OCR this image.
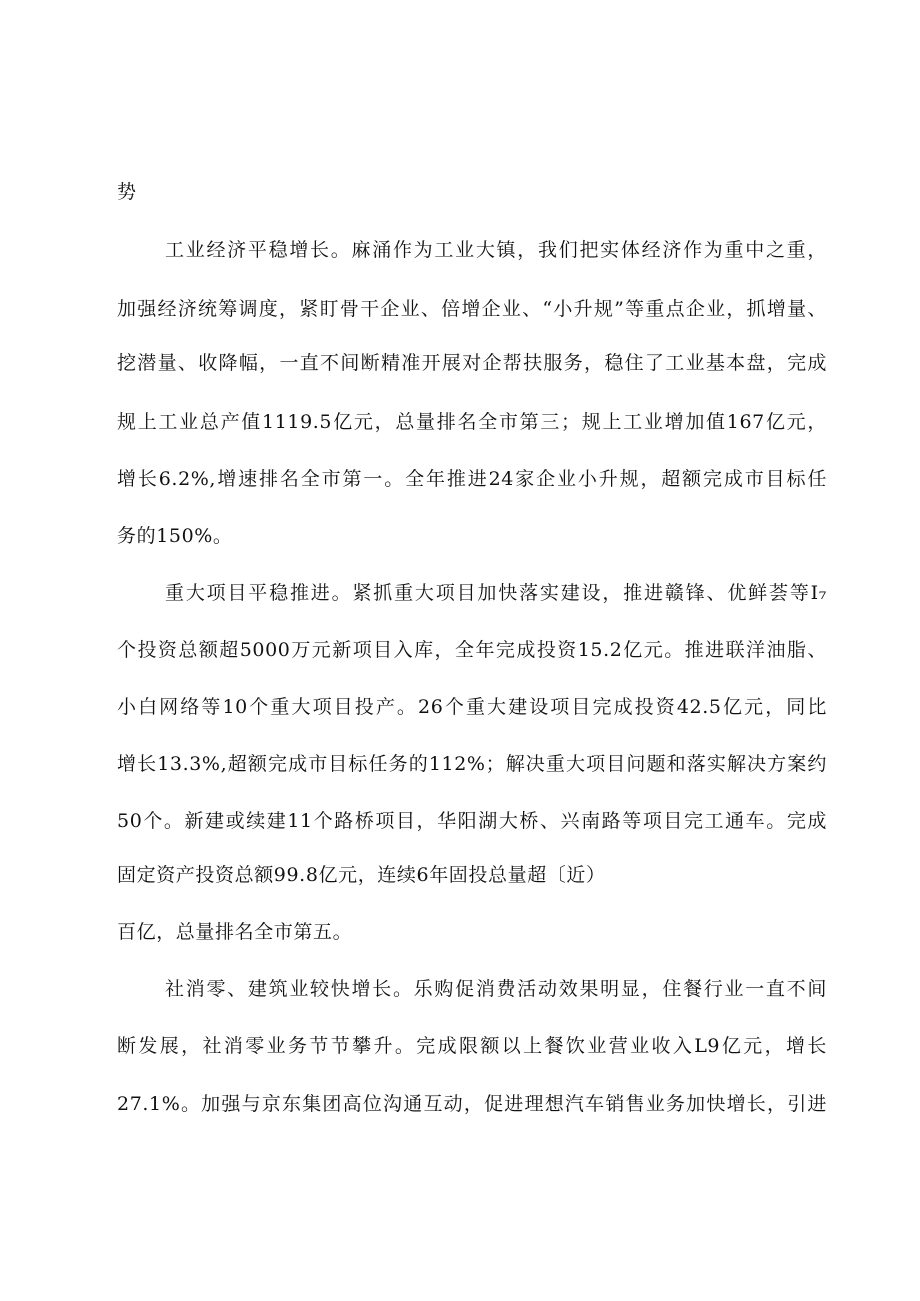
势
工业经济平稳增长。麻涌作为工业大镇，我们把实体经济作为重中之重，
加强经济统筹调度，紧盯骨干企业、倍增企业、“小升规”等重点企业，抓增量、
挖潜量、收降幅，一直不间断精准开展对企帮扶服务，稳住了工业基本盘，完成
规上工业总产值1119.5亿元，总量排名全市第三；规上工业增加值167亿元，
增长6.2%,增速排名全市第一。全年推进24家企业小升规，超额完成市目标任
务的150%。
重大项目平稳推进。紧抓重大项目加快落实建设，推进赣锋、优鲜荟等I₇
个投资总额超5000万元新项目入库，全年完成投资15.2亿元。推进联洋油脂、
小白网络等10个重大项目投产。26个重大建设项目完成投资42.5亿元，同比
增长13.3%,超额完成市目标任务的112%；解决重大项目问题和落实解决方案约
50个。新建或续建11个路桥项目，华阳湖大桥、兴南路等项目完工通车。完成
固定资产投资总额99.8亿元，连续6年固投总量超〔近）
百亿，总量排名全市第五。
社消零、建筑业较快增长。乐购促消费活动效果明显，住餐行业一直不间
断发展，社消零业务节节攀升。完成限额以上餐饮业营业收入L9亿元，增长
27.1%。加强与京东集团高位沟通互动，促进理想汽车销售业务加快增长，引进
